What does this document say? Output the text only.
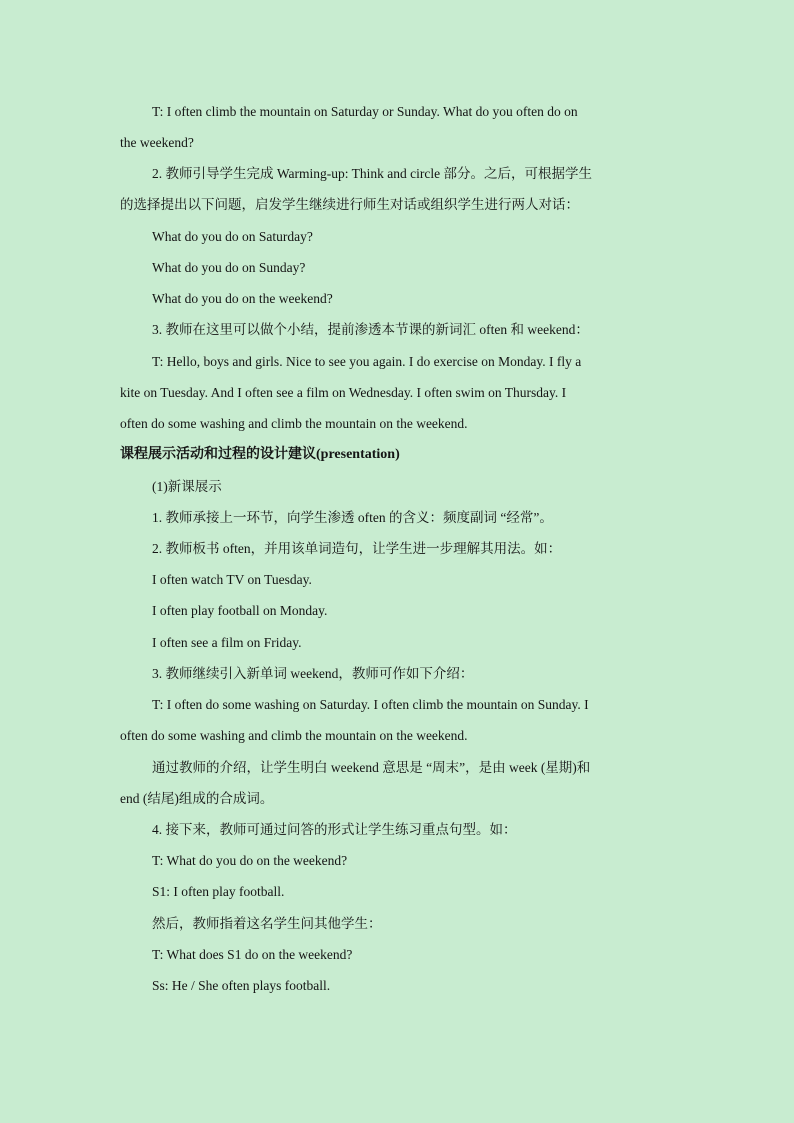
T: I often climb the mountain on Saturday or Sunday. What do you often do on
the weekend?
2. 教师引导学生完成 Warming-up: Think and circle 部分。之后，可根据学生
的选择提出以下问题，启发学生继续进行师生对话或组织学生进行两人对话：
What do you do on Saturday?
What do you do on Sunday?
What do you do on the weekend?
3. 教师在这里可以做个小结，提前渗透本节课的新词汇 often 和 weekend：
T: Hello, boys and girls. Nice to see you again. I do exercise on Monday. I fly a
kite on Tuesday. And I often see a film on Wednesday. I often swim on Thursday. I
often do some washing and climb the mountain on the weekend.
课程展示活动和过程的设计建议(presentation)
(1)新课展示
1. 教师承接上一环节，向学生渗透 often 的含义：频度副词 “经常”。
2. 教师板书 often，并用该单词造句，让学生进一步理解其用法。如：
I often watch TV on Tuesday.
I often play football on Monday.
I often see a film on Friday.
3. 教师继续引入新单词 weekend，教师可作如下介绍：
T: I often do some washing on Saturday. I often climb the mountain on Sunday. I
often do some washing and climb the mountain on the weekend.
通过教师的介绍，让学生明白 weekend 意思是 “周末”，是由 week (星期)和
end (结尾)组成的合成词。
4. 接下来，教师可通过问答的形式让学生练习重点句型。如：
T: What do you do on the weekend?
S1: I often play football.
然后，教师指着这名学生问其他学生：
T: What does S1 do on the weekend?
Ss: He / She often plays football.
